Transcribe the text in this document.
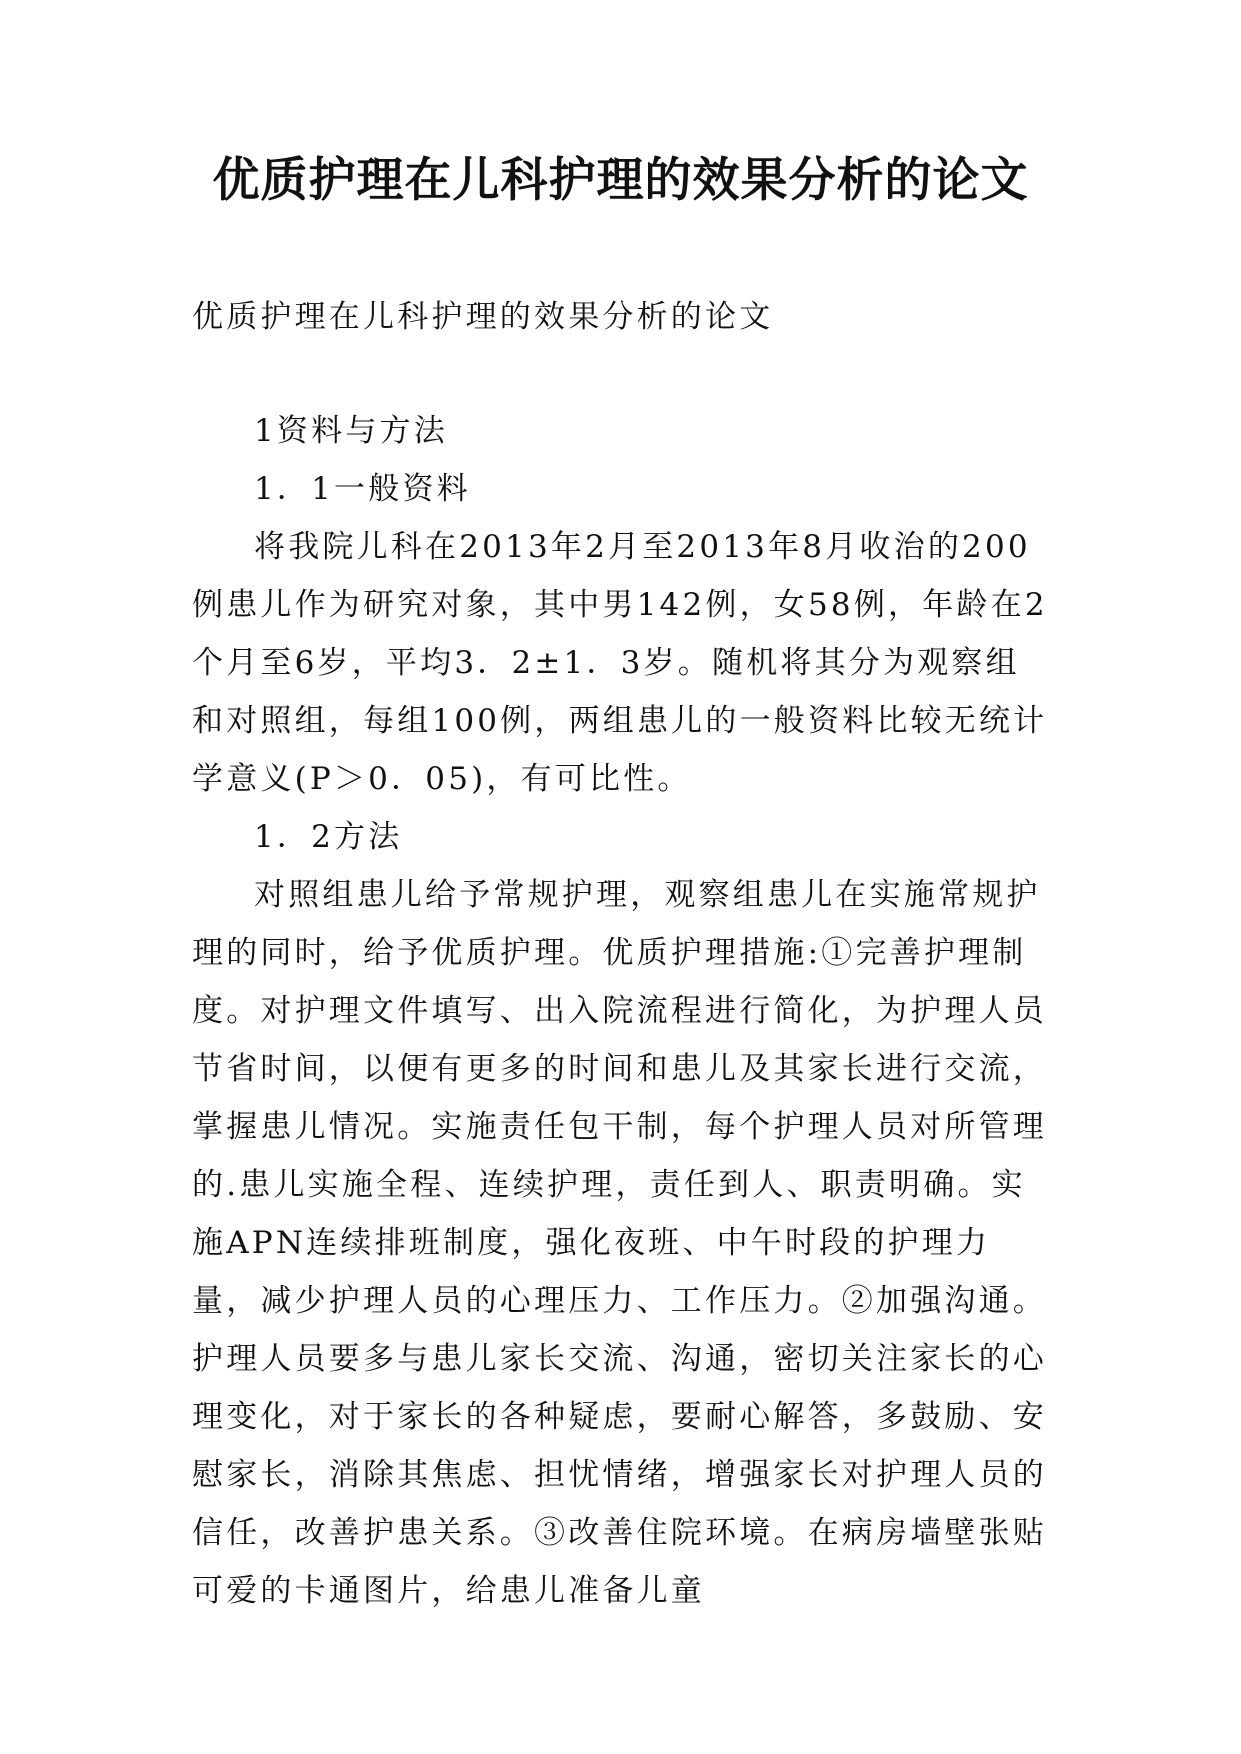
优质护理在儿科护理的效果分析的论文

优质护理在儿科护理的效果分析的论文

1资料与方法

1．1一般资料

将我院儿科在2013年2月至2013年8月收治的200例患儿作为研究对象，其中男142例，女58例，年龄在2个月至6岁，平均3．2±1．3岁。随机将其分为观察组和对照组，每组100例，两组患儿的一般资料比较无统计学意义(P＞0．05)，有可比性。

1．2方法

对照组患儿给予常规护理，观察组患儿在实施常规护理的同时，给予优质护理。优质护理措施:①完善护理制度。对护理文件填写、出入院流程进行简化，为护理人员节省时间，以便有更多的时间和患儿及其家长进行交流，掌握患儿情况。实施责任包干制，每个护理人员对所管理的.患儿实施全程、连续护理，责任到人、职责明确。实施APN连续排班制度，强化夜班、中午时段的护理力量，减少护理人员的心理压力、工作压力。②加强沟通。护理人员要多与患儿家长交流、沟通，密切关注家长的心理变化，对于家长的各种疑虑，要耐心解答，多鼓励、安慰家长，消除其焦虑、担忧情绪，增强家长对护理人员的信任，改善护患关系。③改善住院环境。在病房墙壁张贴可爱的卡通图片，给患儿准备儿童
